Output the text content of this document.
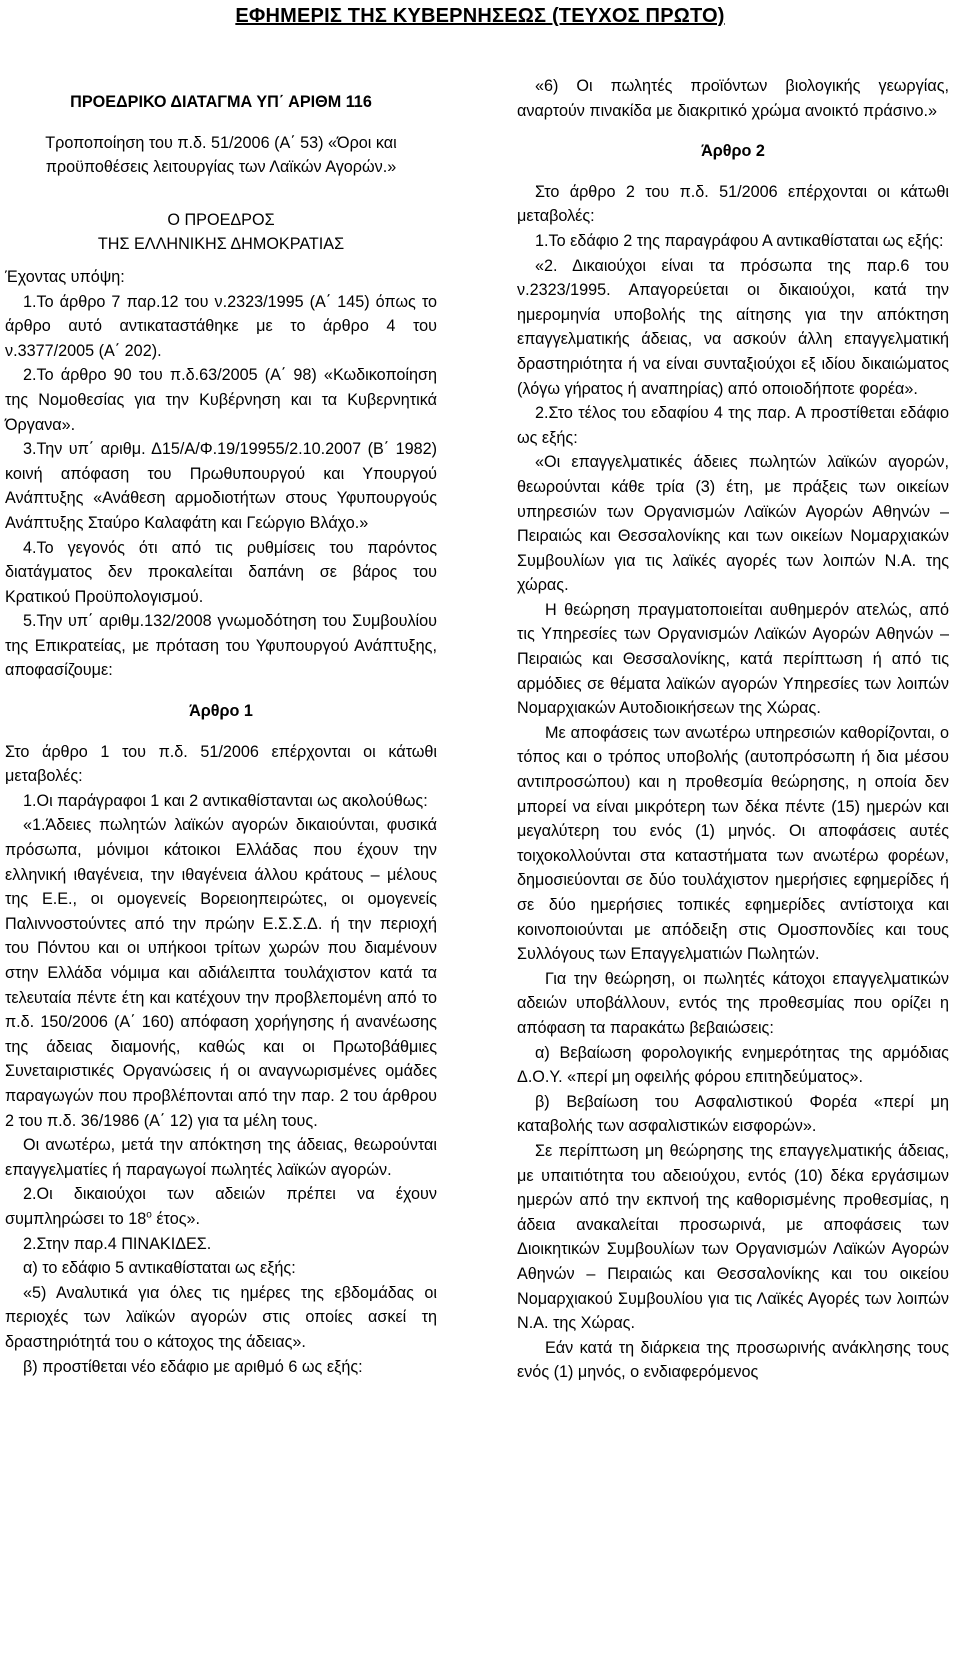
ΕΦΗΜΕΡΙΣ ΤΗΣ ΚΥΒΕΡΝΗΣΕΩΣ (ΤΕΥΧΟΣ ΠΡΩΤΟ)

ΠΡΟΕΔΡΙΚΟ ΔΙΑΤΑΓΜΑ ΥΠ΄ ΑΡΙΘΜ 116

Τροποποίηση του π.δ. 51/2006 (Α΄ 53) «Όροι και προϋποθέσεις λειτουργίας των Λαϊκών Αγορών.»

Ο ΠΡΟΕΔΡΟΣ

ΤΗΣ ΕΛΛΗΝΙΚΗΣ ΔΗΜΟΚΡΑΤΙΑΣ

Έχοντας υπόψη:

1.Το άρθρο 7 παρ.12 του ν.2323/1995 (Α΄ 145) όπως το άρθρο αυτό αντικαταστάθηκε με το άρθρο 4 του ν.3377/2005 (Α΄ 202).

2.Το άρθρο 90 του π.δ.63/2005 (Α΄ 98) «Κωδικοποίηση της Νομοθεσίας για την Κυβέρνηση και τα Κυβερνητικά Όργανα».

3.Την υπ΄ αριθμ. Δ15/Α/Φ.19/19955/2.10.2007 (Β΄ 1982) κοινή απόφαση του Πρωθυπουργού και Υπουργού Ανάπτυξης «Ανάθεση αρμοδιοτήτων στους Υφυπουργούς Ανάπτυξης Σταύρο Καλαφάτη και Γεώργιο Βλάχο.»

4.Το γεγονός ότι από τις ρυθμίσεις του παρόντος διατάγματος δεν προκαλείται δαπάνη σε βάρος του Κρατικού Προϋπολογισμού.

5.Την υπ΄ αριθμ.132/2008 γνωμοδότηση του Συμβουλίου της Επικρατείας, με πρόταση του Υφυπουργού Ανάπτυξης, αποφασίζουμε:

Άρθρο 1

Στο άρθρο 1 του π.δ. 51/2006 επέρχονται οι κάτωθι μεταβολές:

1.Οι παράγραφοι 1 και 2 αντικαθίστανται ως ακολούθως:

«1.Άδειες πωλητών λαϊκών αγορών δικαιούνται, φυσικά πρόσωπα, μόνιμοι κάτοικοι Ελλάδας που έχουν την ελληνική ιθαγένεια, την ιθαγένεια άλλου κράτους – μέλους της Ε.Ε., οι ομογενείς Βορειοηπειρώτες, οι ομογενείς Παλιννοστούντες από την πρώην Ε.Σ.Σ.Δ. ή την περιοχή του Πόντου και οι υπήκοοι τρίτων χωρών που διαμένουν στην Ελλάδα νόμιμα και αδιάλειπτα τουλάχιστον κατά τα τελευταία πέντε έτη και κατέχουν την προβλεπομένη από το π.δ. 150/2006 (Α΄ 160) απόφαση χορήγησης ή ανανέωσης της άδειας διαμονής, καθώς και οι Πρωτοβάθμιες Συνεταιριστικές Οργανώσεις ή οι αναγνωρισμένες ομάδες παραγωγών που προβλέπονται από την παρ. 2 του άρθρου 2 του π.δ. 36/1986 (Α΄ 12) για τα μέλη τους.

Οι ανωτέρω, μετά την απόκτηση της άδειας, θεωρούνται επαγγελματίες ή παραγωγοί πωλητές λαϊκών αγορών.

2.Οι δικαιούχοι των αδειών πρέπει να έχουν συμπληρώσει το $18^o$ έτος».

2.Στην παρ.4 ΠΙΝΑΚΙΔΕΣ.

α) το εδάφιο 5 αντικαθίσταται ως εξής:

«5) Αναλυτικά για όλες τις ημέρες της εβδομάδας οι περιοχές των λαϊκών αγορών στις οποίες ασκεί τη δραστηριότητά του ο κάτοχος της άδειας».

β) προστίθεται νέο εδάφιο με αριθμό 6 ως εξής:

«6) Οι πωλητές προϊόντων βιολογικής γεωργίας, αναρτούν πινακίδα με διακριτικό χρώμα ανοικτό πράσινο.»

Άρθρο 2

Στο άρθρο 2 του π.δ. 51/2006 επέρχονται οι κάτωθι μεταβολές:

1.Το εδάφιο 2 της παραγράφου Α αντικαθίσταται ως εξής:

«2. Δικαιούχοι είναι τα πρόσωπα της παρ.6 του ν.2323/1995. Απαγορεύεται οι δικαιούχοι, κατά την ημερομηνία υποβολής της αίτησης για την απόκτηση επαγγελματικής άδειας, να ασκούν άλλη επαγγελματική δραστηριότητα ή να είναι συνταξιούχοι εξ ιδίου δικαιώματος (λόγω γήρατος ή αναπηρίας) από οποιοδήποτε φορέα».

2.Στο τέλος του εδαφίου 4 της παρ. Α προστίθεται εδάφιο ως εξής:

«Οι επαγγελματικές άδειες πωλητών λαϊκών αγορών, θεωρούνται κάθε τρία (3) έτη, με πράξεις των οικείων υπηρεσιών των Οργανισμών Λαϊκών Αγορών Αθηνών – Πειραιώς και Θεσσαλονίκης και των οικείων Νομαρχιακών Συμβουλίων για τις λαϊκές αγορές των λοιπών Ν.Α. της χώρας.

Η θεώρηση πραγματοποιείται αυθημερόν ατελώς, από τις Υπηρεσίες των Οργανισμών Λαϊκών Αγορών Αθηνών – Πειραιώς και Θεσσαλονίκης, κατά περίπτωση ή από τις αρμόδιες σε θέματα λαϊκών αγορών Υπηρεσίες των λοιπών Νομαρχιακών Αυτοδιοικήσεων της Χώρας.

Με αποφάσεις των ανωτέρω υπηρεσιών καθορίζονται, ο τόπος και ο τρόπος υποβολής (αυτοπρόσωπη ή δια μέσου αντιπροσώπου) και η προθεσμία θεώρησης, η οποία δεν μπορεί να είναι μικρότερη των δέκα πέντε (15) ημερών και μεγαλύτερη του ενός (1) μηνός. Οι αποφάσεις αυτές τοιχοκολλούνται στα καταστήματα των ανωτέρω φορέων, δημοσιεύονται σε δύο τουλάχιστον ημερήσιες εφημερίδες ή σε δύο ημερήσιες τοπικές εφημερίδες αντίστοιχα και κοινοποιούνται με απόδειξη στις Ομοσπονδίες και τους Συλλόγους των Επαγγελματιών Πωλητών.

Για την θεώρηση, οι πωλητές κάτοχοι επαγγελματικών αδειών υποβάλλουν, εντός της προθεσμίας που ορίζει η απόφαση τα παρακάτω βεβαιώσεις:

α) Βεβαίωση φορολογικής ενημερότητας της αρμόδιας Δ.Ο.Υ. «περί μη οφειλής φόρου επιτηδεύματος».

β) Βεβαίωση του Ασφαλιστικού Φορέα «περί μη καταβολής των ασφαλιστικών εισφορών».

Σε περίπτωση μη θεώρησης της επαγγελματικής άδειας, με υπαιτιότητα του αδειούχου, εντός (10) δέκα εργάσιμων ημερών από την εκπνοή της καθορισμένης προθεσμίας, η άδεια ανακαλείται προσωρινά, με αποφάσεις των Διοικητικών Συμβουλίων των Οργανισμών Λαϊκών Αγορών Αθηνών – Πειραιώς και Θεσσαλονίκης και του οικείου Νομαρχιακού Συμβουλίου για τις Λαϊκές Αγορές των λοιπών Ν.Α. της Χώρας.

Εάν κατά τη διάρκεια της προσωρινής ανάκλησης τους ενός (1) μηνός, ο ενδιαφερόμενος
